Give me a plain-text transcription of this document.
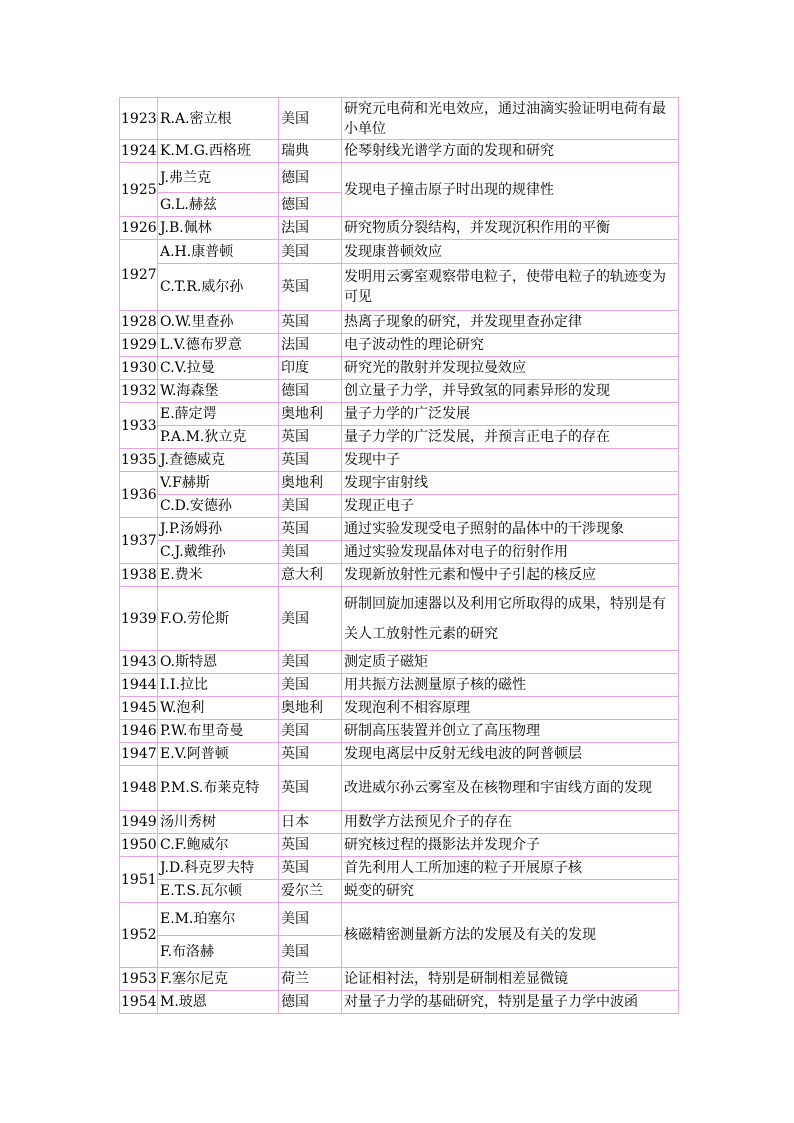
1923	R.A.密立根	美国	研究元电荷和光电效应，通过油滴实验证明电荷有最小单位
1924	K.M.G.西格班	瑞典	伦琴射线光谱学方面的发现和研究
1925	J.弗兰克	德国	发现电子撞击原子时出现的规律性
	G.L.赫兹	德国	
1926	J.B.佩林	法国	研究物质分裂结构，并发现沉积作用的平衡
1927	A.H.康普顿	美国	发现康普顿效应
	C.T.R.威尔孙	英国	发明用云雾室观察带电粒子，使带电粒子的轨迹变为可见
1928	O.W.里查孙	英国	热离子现象的研究，并发现里查孙定律
1929	L.V.德布罗意	法国	电子波动性的理论研究
1930	C.V.拉曼	印度	研究光的散射并发现拉曼效应
1932	W.海森堡	德国	创立量子力学，并导致氢的同素异形的发现
1933	E.薛定谔	奥地利	量子力学的广泛发展
	P.A.M.狄立克	英国	量子力学的广泛发展，并预言正电子的存在
1935	J.查德威克	英国	发现中子
1936	V.F赫斯	奥地利	发现宇宙射线
	C.D.安德孙	美国	发现正电子
1937	J.P.汤姆孙	英国	通过实验发现受电子照射的晶体中的干涉现象
	C.J.戴维孙	美国	通过实验发现晶体对电子的衍射作用
1938	E.费米	意大利	发现新放射性元素和慢中子引起的核反应
1939	F.O.劳伦斯	美国	研制回旋加速器以及利用它所取得的成果，特别是有关人工放射性元素的研究
1943	O.斯特恩	美国	测定质子磁矩
1944	I.I.拉比	美国	用共振方法测量原子核的磁性
1945	W.泡利	奥地利	发现泡利不相容原理
1946	P.W.布里奇曼	美国	研制高压装置并创立了高压物理
1947	E.V.阿普顿	英国	发现电离层中反射无线电波的阿普顿层
1948	P.M.S.布莱克特	英国	改进威尔孙云雾室及在核物理和宇宙线方面的发现
1949	汤川秀树	日本	用数学方法预见介子的存在
1950	C.F.鲍威尔	英国	研究核过程的摄影法并发现介子
1951	J.D.科克罗夫特	英国	首先利用人工所加速的粒子开展原子核
	E.T.S.瓦尔顿	爱尔兰	蜕变的研究
1952	E.M.珀塞尔	美国	核磁精密测量新方法的发展及有关的发现
	F.布洛赫	美国	
1953	F.塞尔尼克	荷兰	论证相衬法，特别是研制相差显微镜
1954	M.玻恩	德国	对量子力学的基础研究，特别是量子力学中波函
